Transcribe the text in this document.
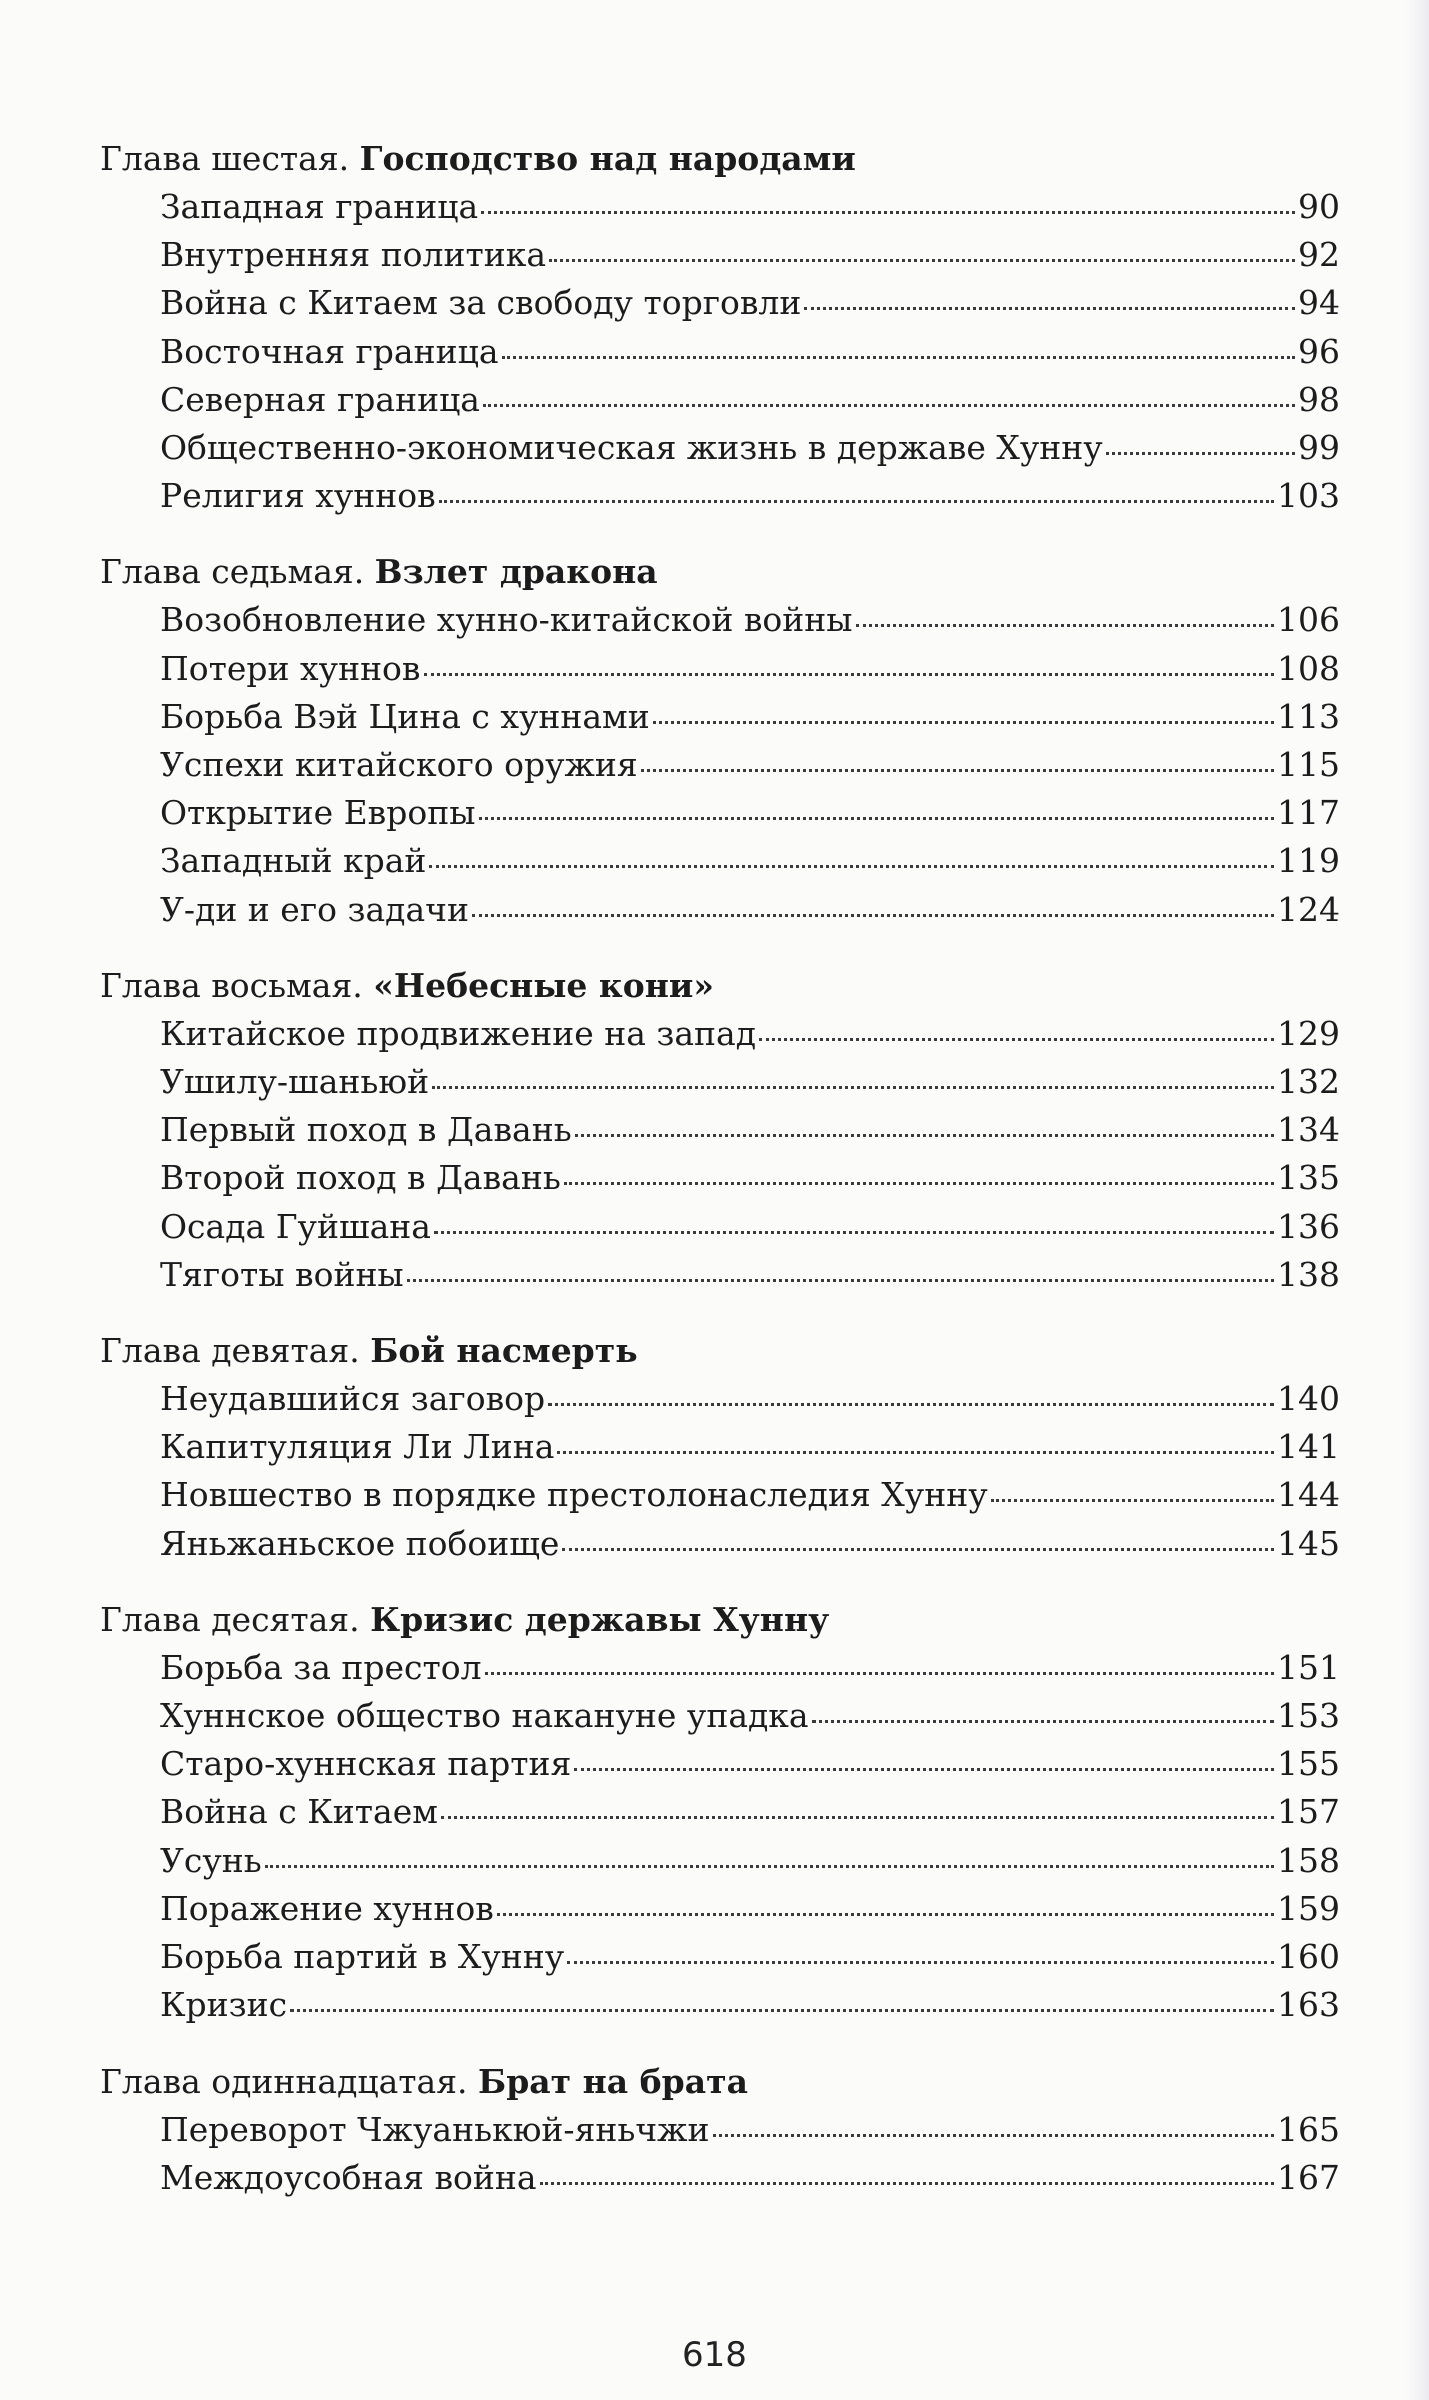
Глава шестая. Господство над народами
Западная граница	90
Внутренняя политика	92
Война с Китаем за свободу торговли	94
Восточная граница	96
Северная граница	98
Общественно-экономическая жизнь в державе Хунну	99
Религия хуннов	103
Глава седьмая. Взлет дракона
Возобновление хунно-китайской войны	106
Потери хуннов	108
Борьба Вэй Цина с хуннами	113
Успехи китайского оружия	115
Открытие Европы	117
Западный край	119
У-ди и его задачи	124
Глава восьмая. «Небесные кони»
Китайское продвижение на запад	129
Ушилу-шаньюй	132
Первый поход в Давань	134
Второй поход в Давань	135
Осада Гуйшана	136
Тяготы войны	138
Глава девятая. Бой насмерть
Неудавшийся заговор	140
Капитуляция Ли Лина	141
Новшество в порядке престолонаследия Хунну	144
Яньжаньское побоище	145
Глава десятая. Кризис державы Хунну
Борьба за престол	151
Хуннское общество накануне упадка	153
Старо-хуннская партия	155
Война с Китаем	157
Усунь	158
Поражение хуннов	159
Борьба партий в Хунну	160
Кризис	163
Глава одиннадцатая. Брат на брата
Переворот Чжуанькюй-яньчжи	165
Междоусобная война	167
618
